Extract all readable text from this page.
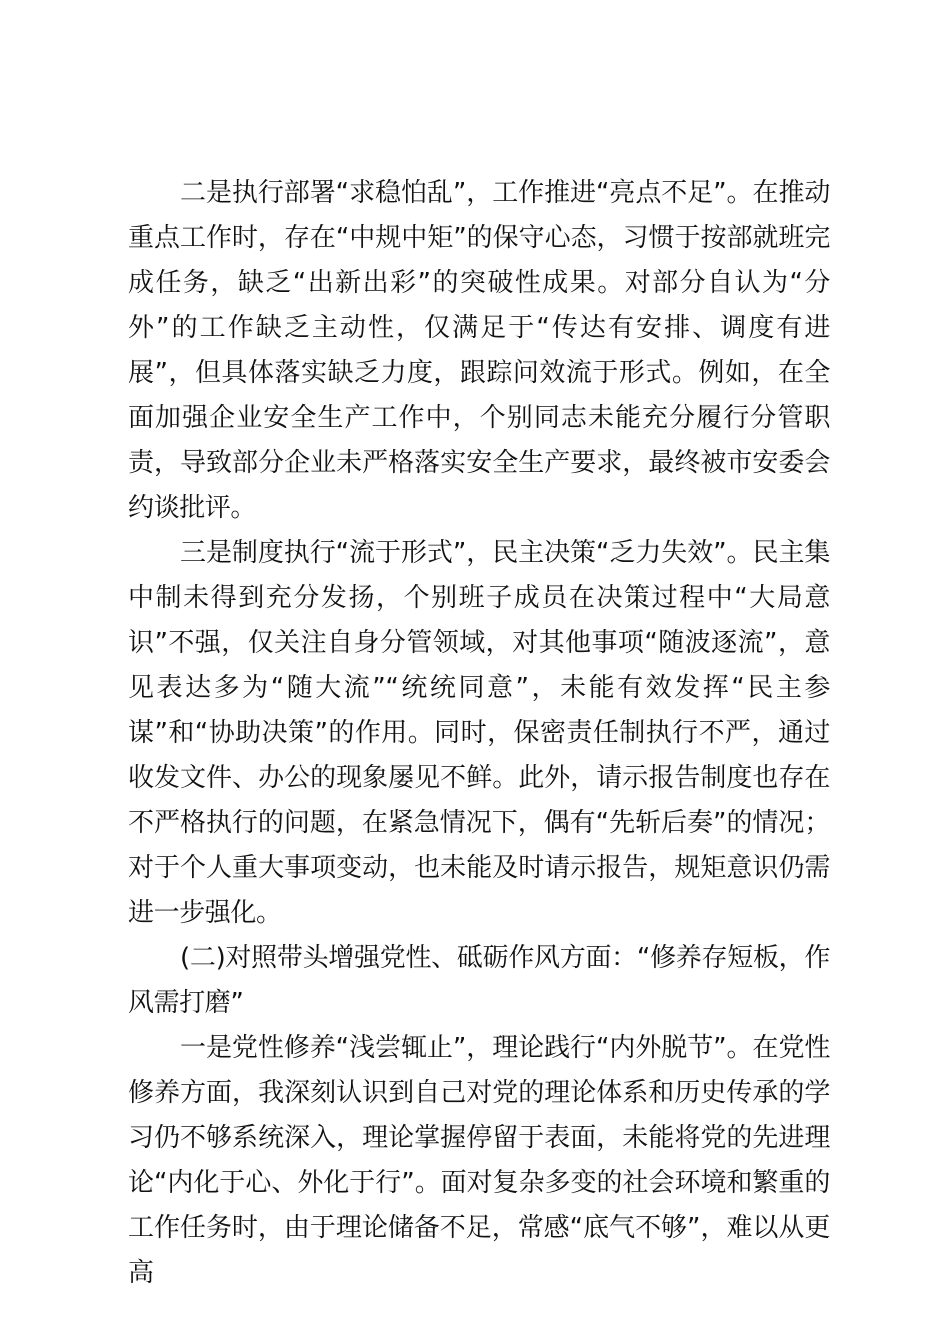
二是执行部署“求稳怕乱”，工作推进“亮点不足”。在推动重点工作时，存在“中规中矩”的保守心态，习惯于按部就班完成任务，缺乏“出新出彩”的突破性成果。对部分自认为“分外”的工作缺乏主动性，仅满足于“传达有安排、调度有进展”，但具体落实缺乏力度，跟踪问效流于形式。例如，在全面加强企业安全生产工作中，个别同志未能充分履行分管职责，导致部分企业未严格落实安全生产要求，最终被市安委会约谈批评。

三是制度执行“流于形式”，民主决策“乏力失效”。民主集中制未得到充分发扬，个别班子成员在决策过程中“大局意识”不强，仅关注自身分管领域，对其他事项“随波逐流”，意见表达多为“随大流”“统统同意”，未能有效发挥“民主参谋”和“协助决策”的作用。同时，保密责任制执行不严，通过收发文件、办公的现象屡见不鲜。此外，请示报告制度也存在不严格执行的问题，在紧急情况下，偶有“先斩后奏”的情况；对于个人重大事项变动，也未能及时请示报告，规矩意识仍需进一步强化。

(二)对照带头增强党性、砥砺作风方面：“修养存短板，作风需打磨”

一是党性修养“浅尝辄止”，理论践行“内外脱节”。在党性修养方面，我深刻认识到自己对党的理论体系和历史传承的学习仍不够系统深入，理论掌握停留于表面，未能将党的先进理论“内化于心、外化于行”。面对复杂多变的社会环境和繁重的工作任务时，由于理论储备不足，常感“底气不够”，难以从更高
